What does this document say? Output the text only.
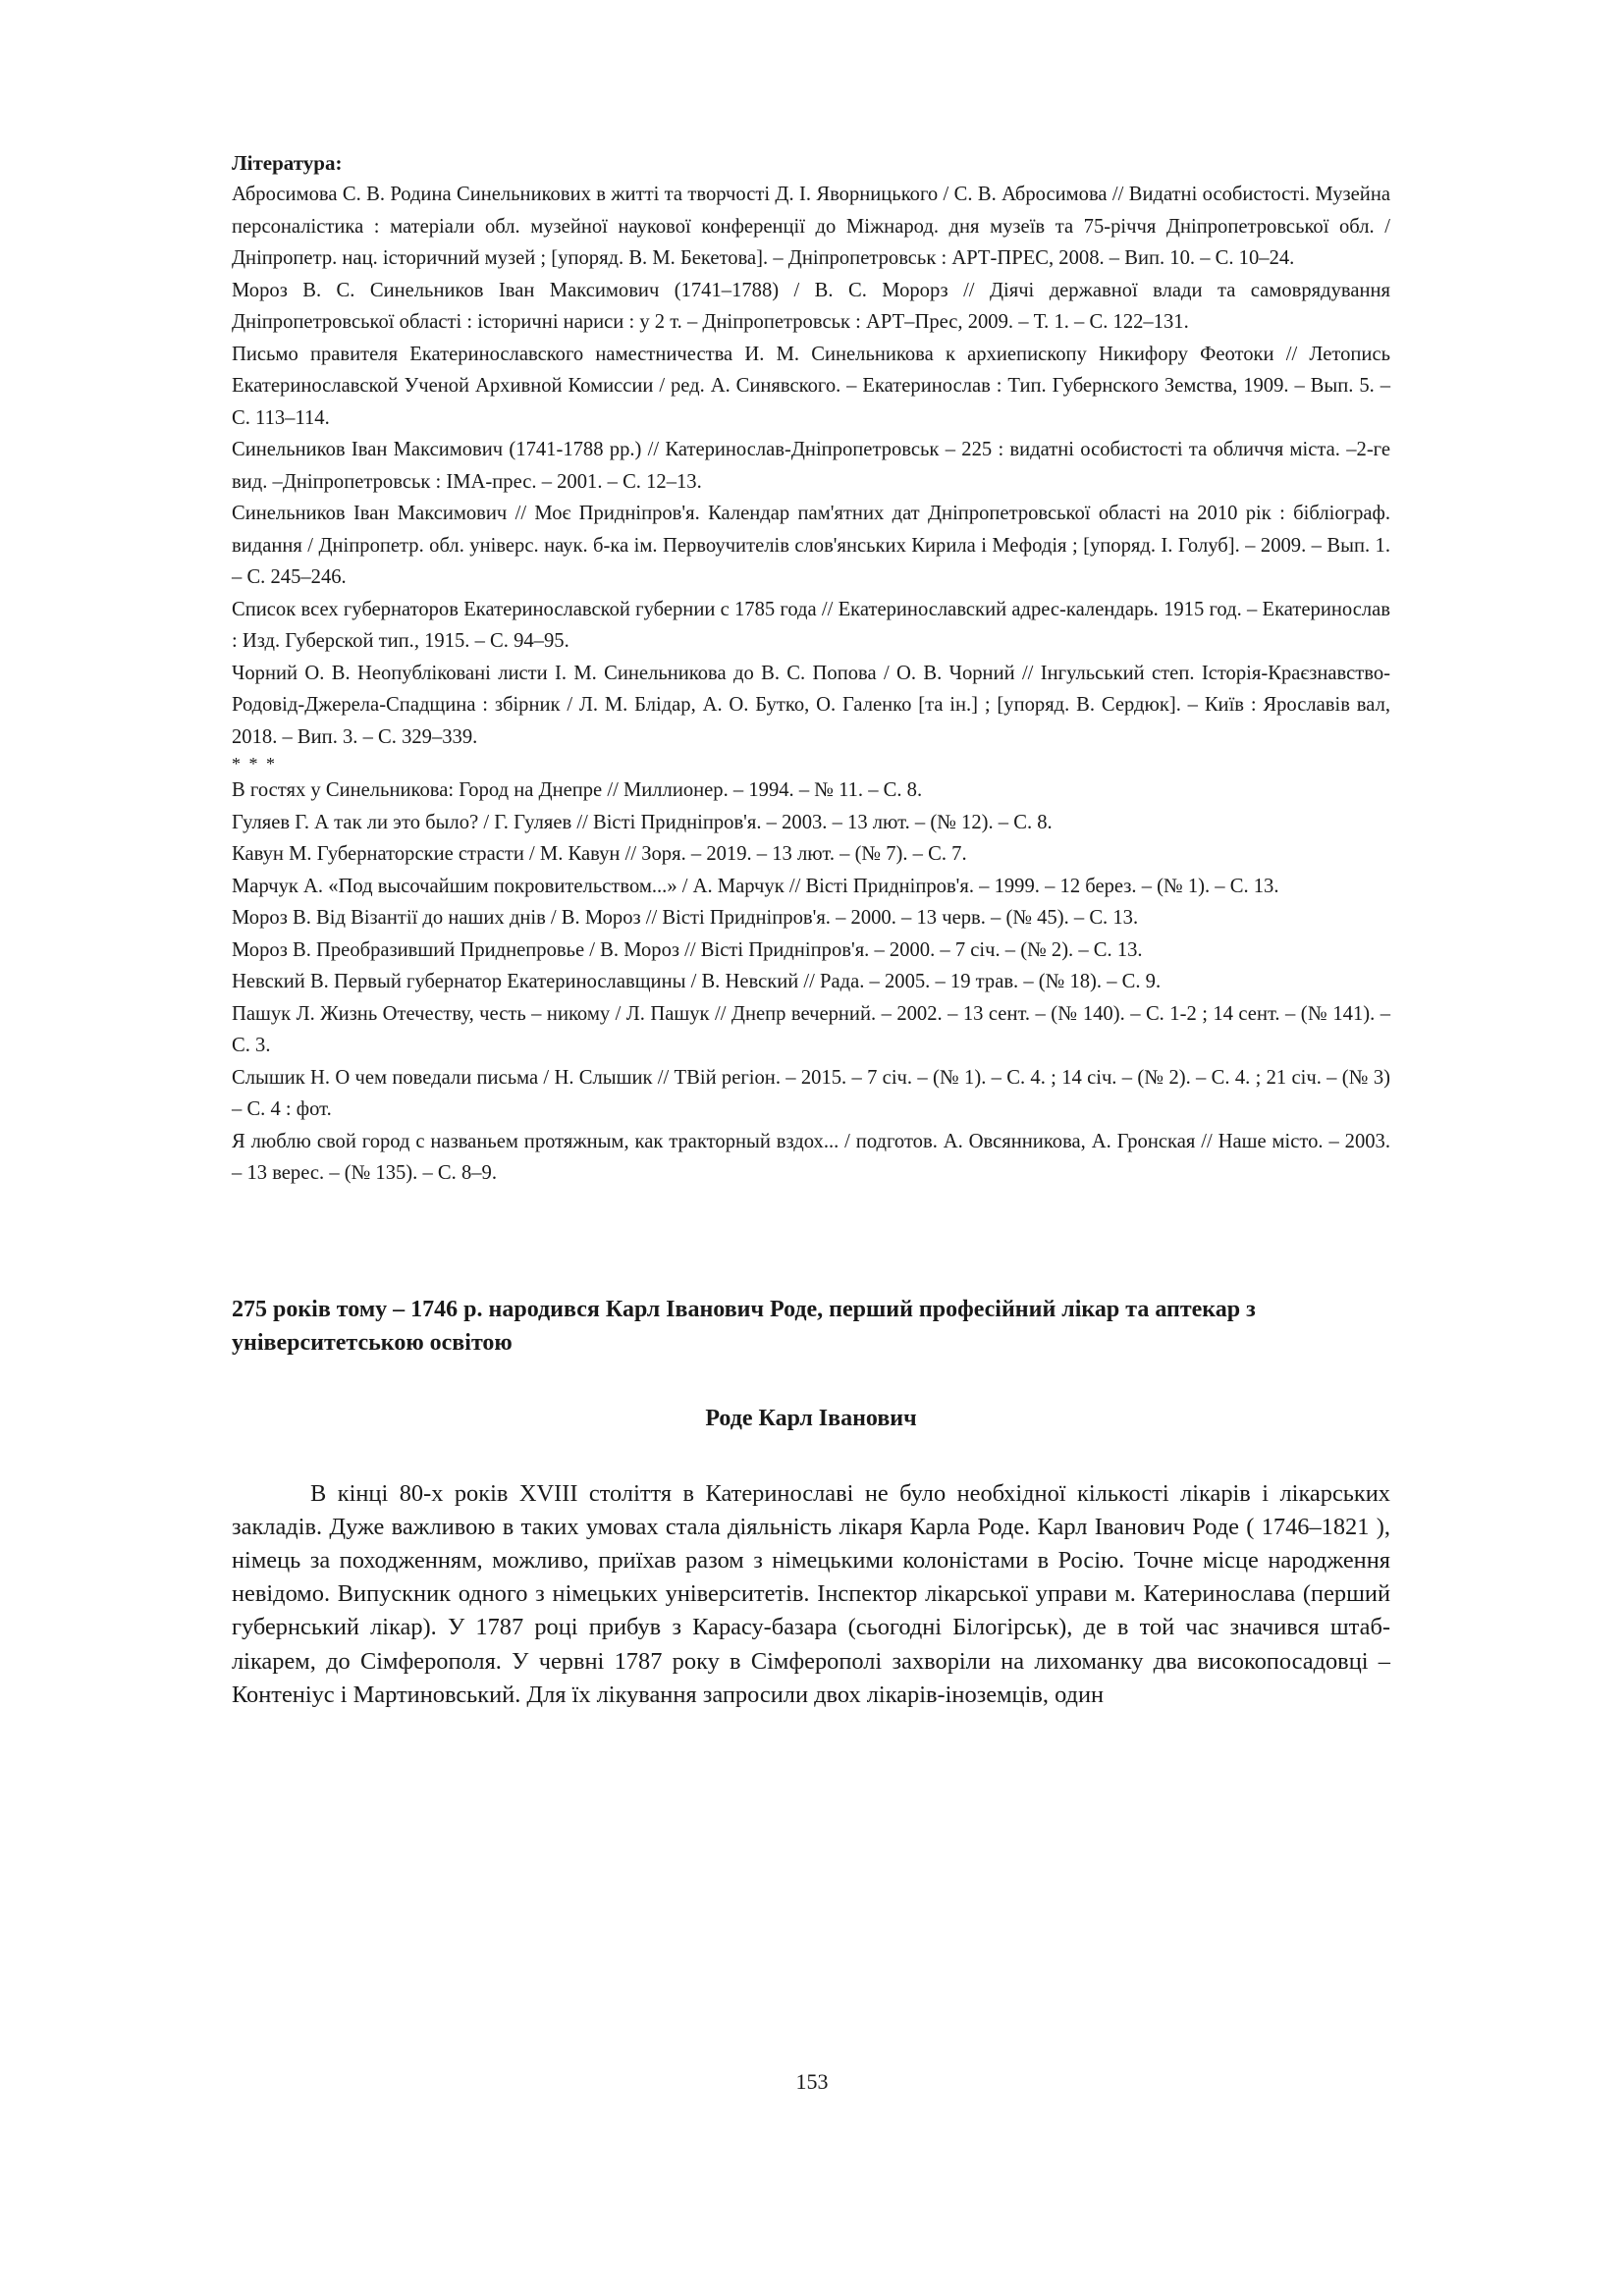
Література:

Абросимова С. В. Родина Синельникових в житті та творчості Д. І. Яворницького / С. В. Абросимова // Видатні особистості. Музейна персоналістика : матеріали обл. музейної наукової конференції до Міжнарод. дня музеїв та 75-річчя Дніпропетровської обл. / Дніпропетр. нац. історичний музей ; [упоряд. В. М. Бекетова]. – Дніпропетровськ : АРТ-ПРЕС, 2008. – Вип. 10. – С. 10–24.

Мороз В. С. Синельников Іван Максимович (1741–1788) / В. С. Морорз // Діячі державної влади та самоврядування Дніпропетровської області : історичні нариси : у 2 т. – Дніпропетровськ : АРТ–Прес, 2009. – Т. 1. – С. 122–131.

Письмо правителя Екатеринославского наместничества И. М. Синельникова к архиепископу Никифору Феотоки // Летопись Екатеринославской Ученой Архивной Комиссии / ред. А. Синявского. – Екатеринослав : Тип. Губернского Земства, 1909. – Вып. 5. – С. 113–114.

Синельников Іван Максимович (1741-1788 рр.) // Катеринослав-Дніпропетровськ – 225 : видатні особистості та обличчя міста. –2-ге вид. –Дніпропетровськ : ІМА-прес. – 2001. – С. 12–13.

Синельников Іван Максимович // Моє Придніпров'я. Календар пам'ятних дат Дніпропетровської області на 2010 рік : бібліограф. видання / Дніпропетр. обл. універс. наук. б-ка ім. Первоучителів слов'янських Кирила і Мефодія ; [упоряд. І. Голуб]. – 2009. – Вып. 1. – С. 245–246.

Список всех губернаторов Екатеринославской губернии с 1785 года // Екатеринославский адрес-календарь. 1915 год. – Екатеринослав : Изд. Губерской тип., 1915. – С. 94–95.

Чорний О. В. Неопубліковані листи І. М. Синельникова до В. С. Попова / О. В. Чорний // Інгульський степ. Історія-Краєзнавство-Родовід-Джерела-Спадщина : збірник / Л. М. Блідар, А. О. Бутко, О. Галенко [та ін.] ; [упоряд. В. Сердюк]. – Київ : Ярославів вал, 2018. – Вип. 3. – С. 329–339.

* * *

В гостях у Синельникова: Город на Днепре // Миллионер. – 1994. – № 11. – С. 8.

Гуляев Г. А так ли это было? / Г. Гуляев // Вісті Придніпров'я. – 2003. – 13 лют. – (№ 12). – С. 8.

Кавун М. Губернаторские страсти / М. Кавун // Зоря. – 2019. – 13 лют. – (№ 7). – С. 7.

Марчук А. «Под высочайшим покровительством...» / А. Марчук // Вісті Придніпров'я. – 1999. – 12 берез. – (№ 1). – С. 13.

Мороз В. Від Візантії до наших днів / В. Мороз // Вісті Придніпров'я. – 2000. – 13 черв. – (№ 45). – С. 13.

Мороз В. Преобразивший Приднепровье / В. Мороз // Вісті Придніпров'я. – 2000. – 7 січ. – (№ 2). – С. 13.

Невский В. Первый губернатор Екатеринославщины / В. Невский // Рада. – 2005. – 19 трав. – (№ 18). – С. 9.

Пашук Л. Жизнь Отечеству, честь – никому / Л. Пашук // Днепр вечерний. – 2002. – 13 сент. – (№ 140). – С. 1-2 ; 14 сент. – (№ 141). – С. 3.

Слышик Н. О чем поведали письма / Н. Слышик // ТВій регіон. – 2015. – 7 січ. – (№ 1). – С. 4. ; 14 січ. – (№ 2). – С. 4. ; 21 січ. – (№ 3) – С. 4 : фот.

Я люблю свой город с названьем протяжным, как тракторный вздох... / подготов. А. Овсянникова, А. Гронская // Наше місто. – 2003. – 13 верес. – (№ 135). – С. 8–9.

275 років тому – 1746 р. народився Карл Іванович Роде, перший професійний лікар та аптекар з університетською освітою
Роде Карл Іванович

В кінці 80-х років XVIII століття в Катеринославі не було необхідної кількості лікарів і лікарських закладів. Дуже важливою в таких умовах стала діяльність лікаря Карла Роде. Карл Іванович Роде ( 1746–1821 ), німець за походженням, можливо, приїхав разом з німецькими колоністами в Росію. Точне місце народження невідомо. Випускник одного з німецьких університетів. Інспектор лікарської управи м. Катеринослава (перший губернський лікар). У 1787 році прибув з Карасу-базара (сьогодні Білогірськ), де в той час значився штаб-лікарем, до Сімферополя. У червні 1787 року в Сімферополі захворіли на лихоманку два високопосадовці – Контеніус і Мартиновський. Для їх лікування запросили двох лікарів-іноземців, один

153
